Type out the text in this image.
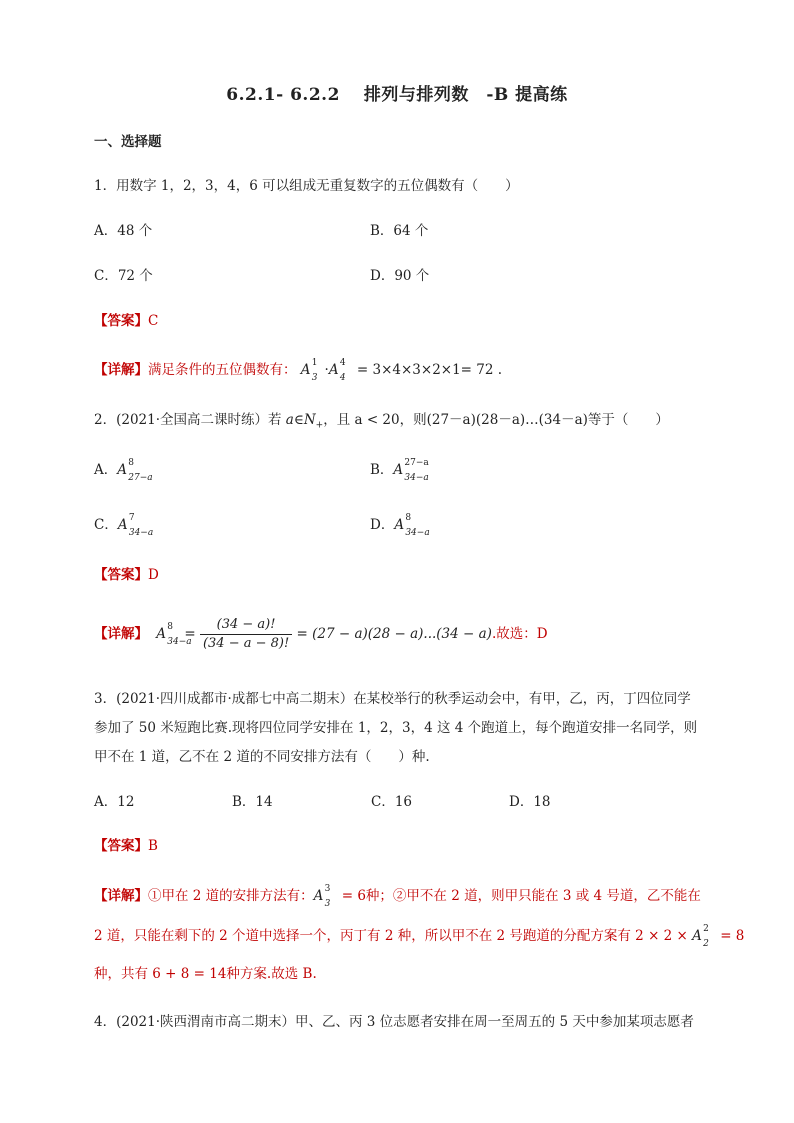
6.2.1- 6.2.2　 排列与排列数　-B 提高练
一、选择题
1．用数字 1，2，3，4，6 可以组成无重复数字的五位偶数有（　　）
A．48 个	B．64 个
C．72 个	D．90 个
【答案】C
【详解】满足条件的五位偶数有： A 1
3 ·A 4
4 = 3×4×3×2×1= 72 .
2．(2021·全国高二课时练）若 $a\in N_+$，且 a < 20，则(27－a)(28－a)…(34－a)等于（　　）
A．A 8
27−a	B．A 27−a
34−a
C．A 7
34−a	D．A 8
34−a
【答案】D
【详解】 A 8
34−a
= $\frac{(34 - a)!}{(34 - a - 8)!} = (27 - a)(28 - a)...(34 - a)$.故选：D
3．(2021·四川成都市·成都七中高二期末）在某校举行的秋季运动会中，有甲，乙，丙，丁四位同学
参加了 50 米短跑比赛.现将四位同学安排在 1，2，3，4 这 4 个跑道上，每个跑道安排一名同学，则
甲不在 1 道，乙不在 2 道的不同安排方法有（　　）种.
A．12	B．14	C．16	D．18
【答案】B
【详解】①甲在 2 道的安排方法有：A 3
3 = 6种；②甲不在 2 道，则甲只能在 3 或 4 号道，乙不能在
2 道，只能在剩下的 2 个道中选择一个，丙丁有 2 种，所以甲不在 2 号跑道的分配方案有 2 × 2 × A 2
2 = 8
种，共有 6 + 8 = 14种方案.故选 B.
4．(2021·陕西渭南市高二期末）甲、乙、丙 3 位志愿者安排在周一至周五的 5 天中参加某项志愿者
